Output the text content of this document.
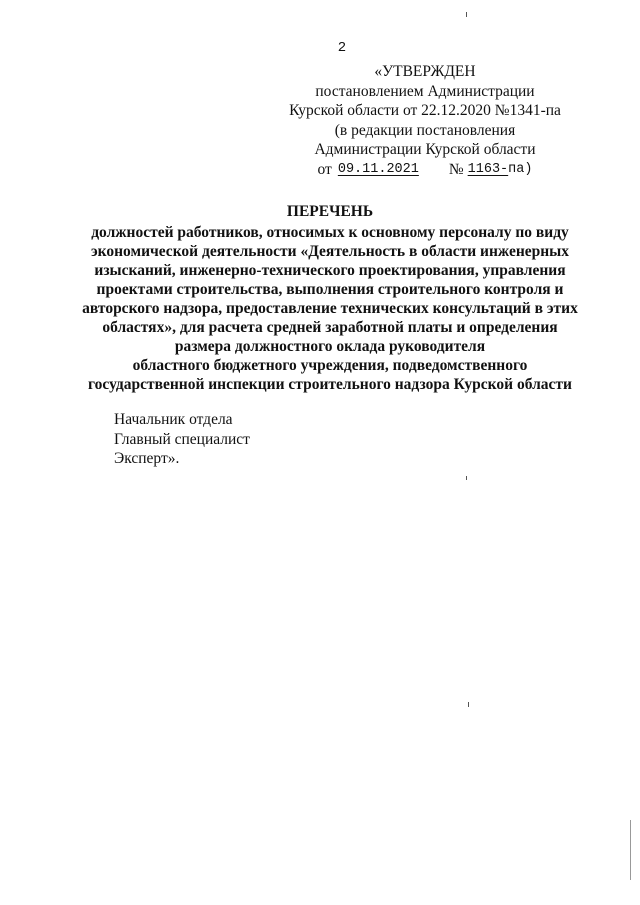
2
«УТВЕРЖДЕН
постановлением Администрации
Курской области от 22.12.2020 №1341-па
(в редакции постановления
Администрации Курской области
от 09.11.2021 № 1163- па)
ПЕРЕЧЕНЬ
должностей работников, относимых к основному персоналу по виду
экономической деятельности «Деятельность в области инженерных
изысканий, инженерно-технического проектирования, управления
проектами строительства, выполнения строительного контроля и
авторского надзора, предоставление технических консультаций в этих
областях», для расчета средней заработной платы и определения
размера должностного оклада руководителя
областного бюджетного учреждения, подведомственного
государственной инспекции строительного надзора Курской области
Начальник отдела
Главный специалист
Эксперт».
